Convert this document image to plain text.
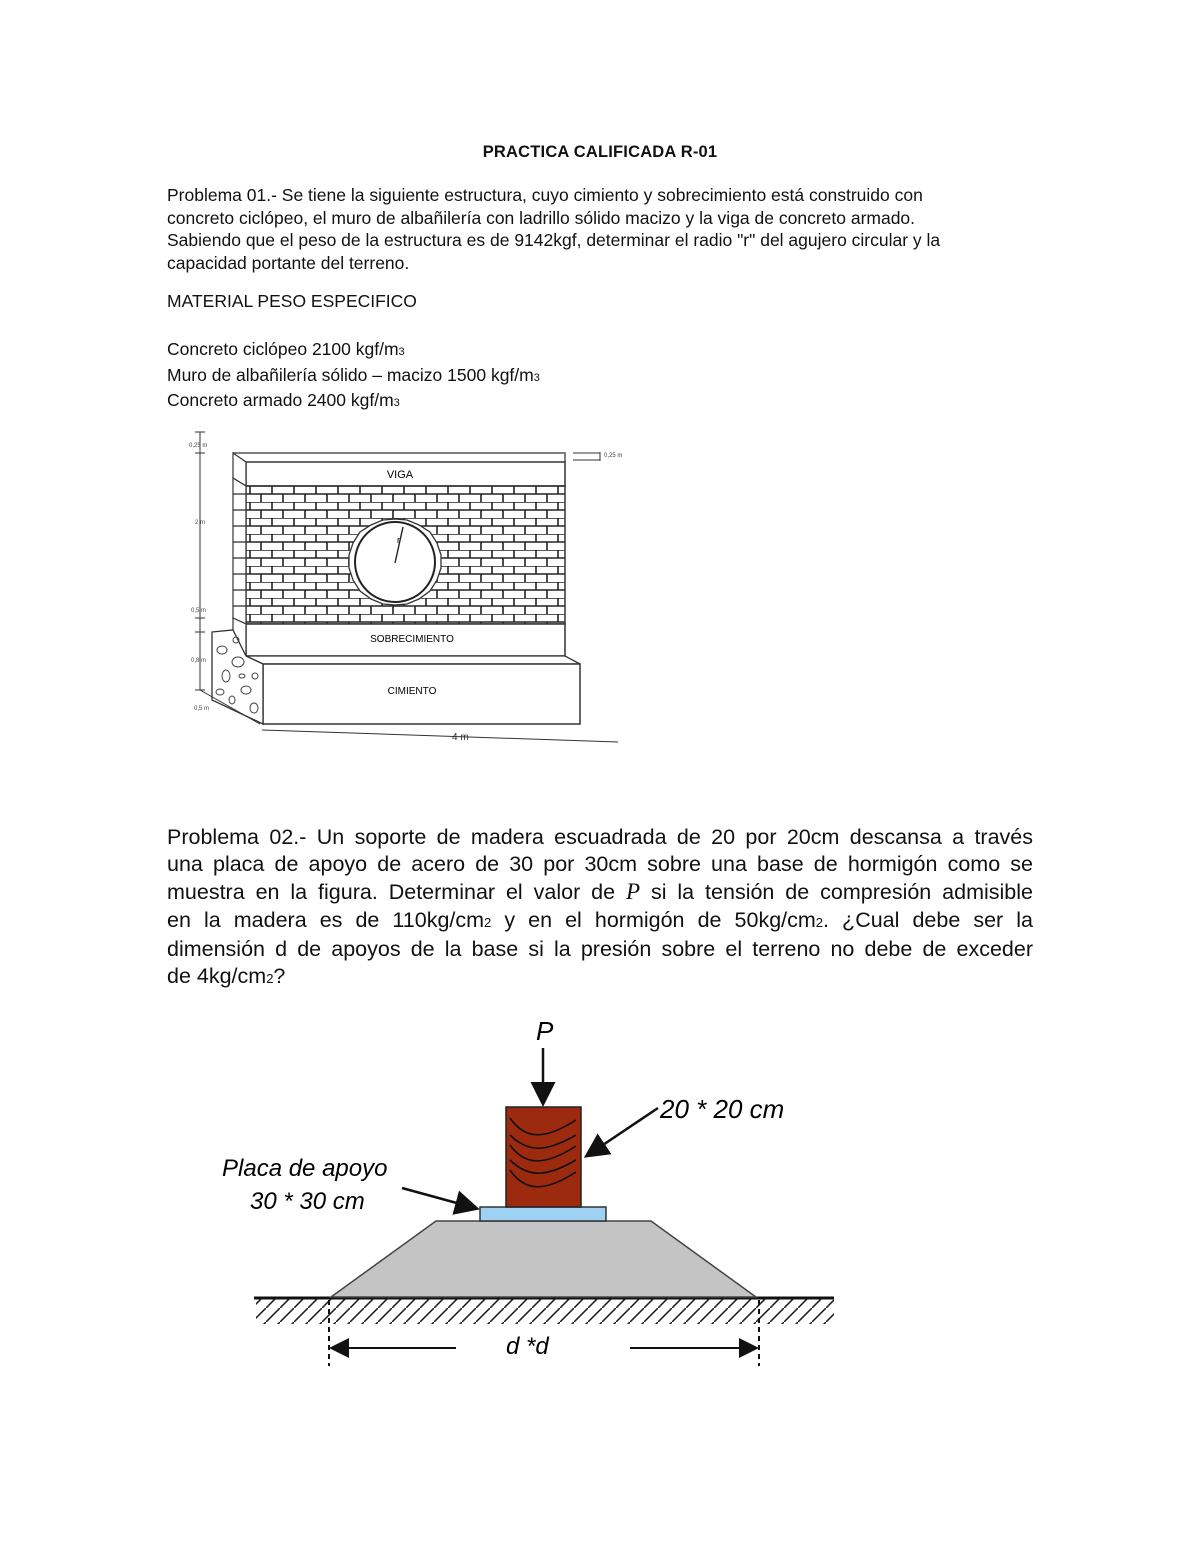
PRACTICA CALIFICADA R-01
Problema 01.- Se tiene la siguiente estructura, cuyo cimiento y sobrecimiento está construido con
concreto ciclópeo, el muro de albañilería con ladrillo sólido macizo y la viga de concreto armado.
Sabiendo que el peso de la estructura es de 9142kgf, determinar el radio "r" del agujero circular y la
capacidad portante del terreno.
MATERIAL PESO ESPECIFICO
Concreto ciclópeo 2100 kgf/m3
Muro de albañilería sólido – macizo 1500 kgf/m3
Concreto armado 2400 kgf/m3
VIGA
r
SOBRECIMIENTO
CIMIENTO
0,25 m
2 m
0,5 m
0,8 m
0,5 m
0,25 m
4 m
Problema 02.- Un soporte de madera escuadrada de 20 por 20cm descansa a través
una placa de apoyo de acero de 30 por 30cm sobre una base de hormigón como se
muestra en la figura. Determinar el valor de P si la tensión de compresión admisible
en la madera es de 110kg/cm2 y en el hormigón de 50kg/cm2. ¿Cual debe ser la
dimensión d de apoyos de la base si la presión sobre el terreno no debe de exceder
de 4kg/cm2?
P
20 * 20 cm
Placa de apoyo
30 * 30 cm
d *d
